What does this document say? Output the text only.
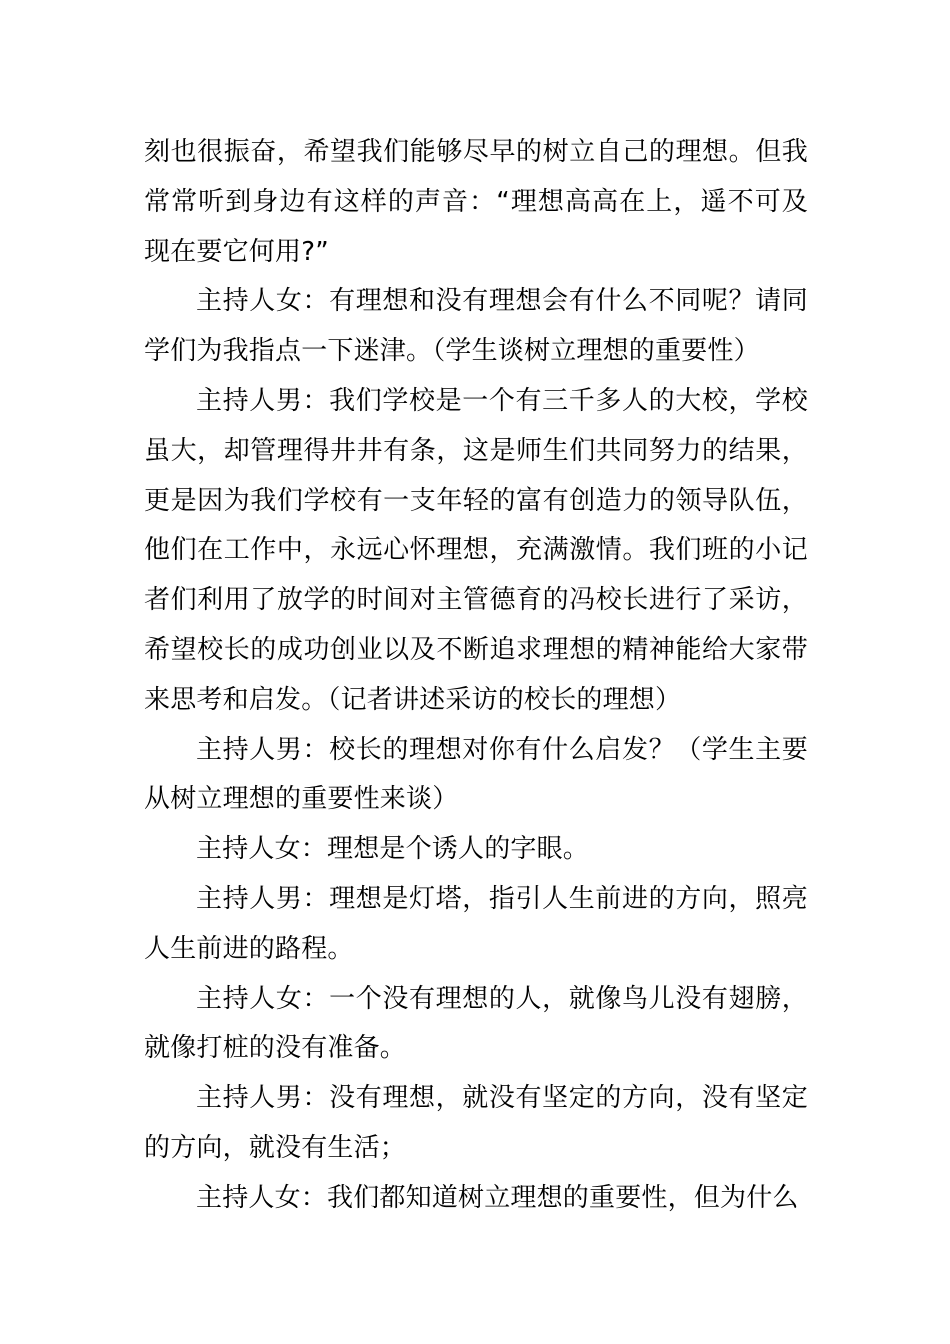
刻也很振奋，希望我们能够尽早的树立自己的理想。但我常常听到身边有这样的声音：“理想高高在上，遥不可及现在要它何用?”

主持人女：有理想和没有理想会有什么不同呢？请同学们为我指点一下迷津。（学生谈树立理想的重要性）

主持人男：我们学校是一个有三千多人的大校，学校虽大，却管理得井井有条，这是师生们共同努力的结果，更是因为我们学校有一支年轻的富有创造力的领导队伍，他们在工作中，永远心怀理想，充满激情。我们班的小记者们利用了放学的时间对主管德育的冯校长进行了采访，希望校长的成功创业以及不断追求理想的精神能给大家带来思考和启发。（记者讲述采访的校长的理想）

主持人男：校长的理想对你有什么启发？（学生主要从树立理想的重要性来谈）

主持人女：理想是个诱人的字眼。

主持人男：理想是灯塔，指引人生前进的方向，照亮人生前进的路程。

主持人女：一个没有理想的人，就像鸟儿没有翅膀，就像打桩的没有准备。

主持人男：没有理想，就没有坚定的方向，没有坚定的方向，就没有生活；

主持人女：我们都知道树立理想的重要性，但为什么
